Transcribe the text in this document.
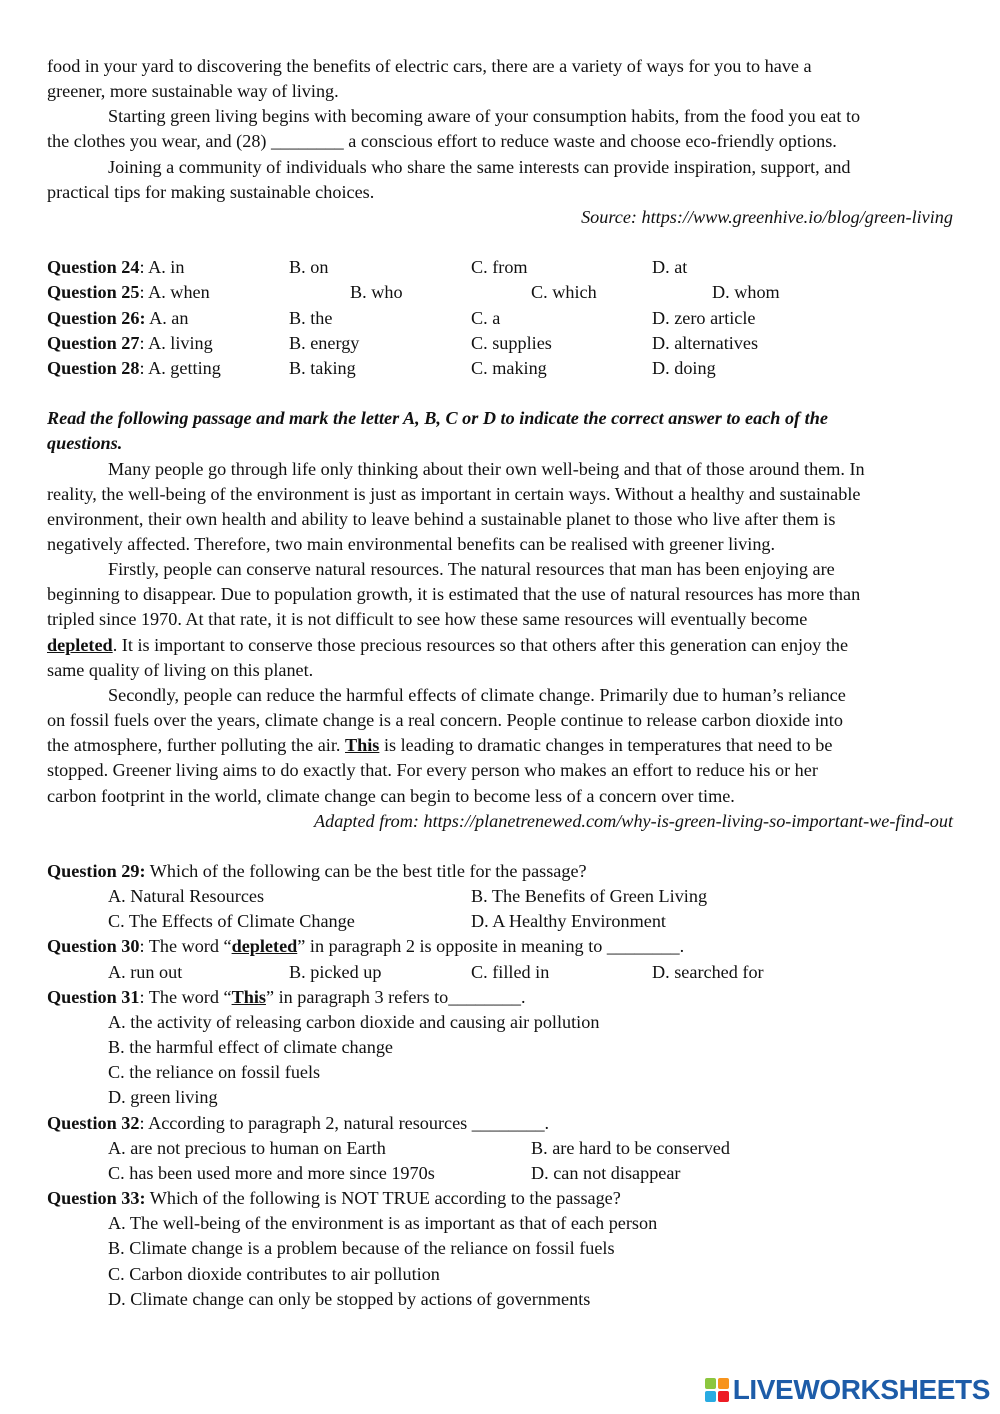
food in your yard to discovering the benefits of electric cars, there are a variety of ways for you to have a
greener, more sustainable way of living.
Starting green living begins with becoming aware of your consumption habits, from the food you eat to
the clothes you wear, and (28) ________ a conscious effort to reduce waste and choose eco-friendly options.
Joining a community of individuals who share the same interests can provide inspiration, support, and
practical tips for making sustainable choices.
Source: https://www.greenhive.io/blog/green-living
Question 24: A. in	B. on	C. from	D. at
Question 25: A. when	B. who	C. which	D. whom
Question 26: A. an	B. the	C. a	D. zero article
Question 27: A. living	B. energy	C. supplies	D. alternatives
Question 28: A. getting	B. taking	C. making	D. doing
Read the following passage and mark the letter A, B, C or D to indicate the correct answer to each of the
questions.
Many people go through life only thinking about their own well-being and that of those around them. In
reality, the well-being of the environment is just as important in certain ways. Without a healthy and sustainable
environment, their own health and ability to leave behind a sustainable planet to those who live after them is
negatively affected. Therefore, two main environmental benefits can be realised with greener living.
Firstly, people can conserve natural resources. The natural resources that man has been enjoying are
beginning to disappear. Due to population growth, it is estimated that the use of natural resources has more than
tripled since 1970. At that rate, it is not difficult to see how these same resources will eventually become
depleted. It is important to conserve those precious resources so that others after this generation can enjoy the
same quality of living on this planet.
Secondly, people can reduce the harmful effects of climate change. Primarily due to human’s reliance
on fossil fuels over the years, climate change is a real concern. People continue to release carbon dioxide into
the atmosphere, further polluting the air. This is leading to dramatic changes in temperatures that need to be
stopped. Greener living aims to do exactly that. For every person who makes an effort to reduce his or her
carbon footprint in the world, climate change can begin to become less of a concern over time.
Adapted from: https://planetrenewed.com/why-is-green-living-so-important-we-find-out
Question 29: Which of the following can be the best title for the passage?
A. Natural Resources	B. The Benefits of Green Living
C. The Effects of Climate Change	D. A Healthy Environment
Question 30: The word “depleted” in paragraph 2 is opposite in meaning to ________.
A. run out	B. picked up	C. filled in	D. searched for
Question 31: The word “This” in paragraph 3 refers to________.
A. the activity of releasing carbon dioxide and causing air pollution
B. the harmful effect of climate change
C. the reliance on fossil fuels
D. green living
Question 32: According to paragraph 2, natural resources ________.
A. are not precious to human on Earth	B. are hard to be conserved
C. has been used more and more since 1970s	D. can not disappear
Question 33: Which of the following is NOT TRUE according to the passage?
A. The well-being of the environment is as important as that of each person
B. Climate change is a problem because of the reliance on fossil fuels
C. Carbon dioxide contributes to air pollution
D. Climate change can only be stopped by actions of governments
LIVEWORKSHEETS
